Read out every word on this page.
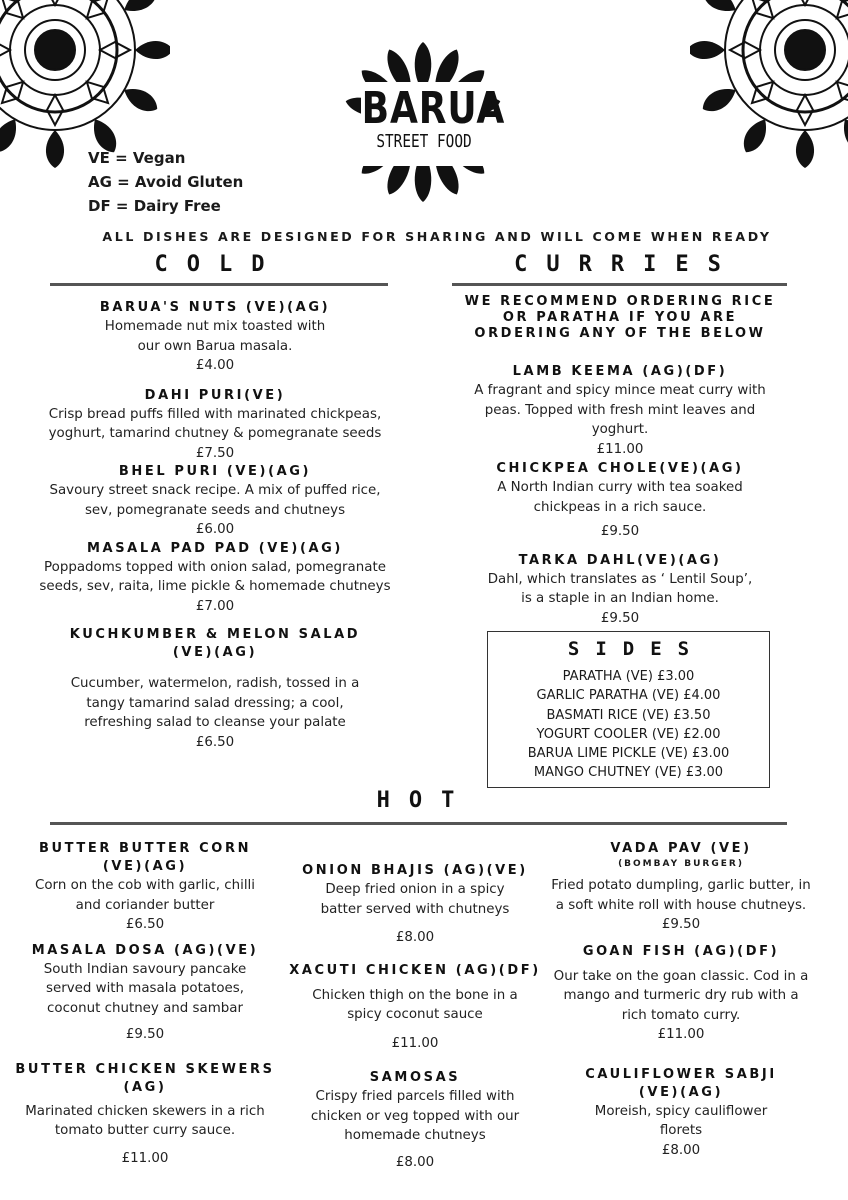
BARUA
STREET FOOD
VE = Vegan
AG = Avoid Gluten
DF = Dairy Free
ALL DISHES ARE DESIGNED FOR SHARING AND WILL COME WHEN READY
COLD
BARUA'S NUTS (VE)(AG)
Homemade nut mix toasted with
our own Barua masala.
£4.00
DAHI PURI(VE)
Crisp bread puffs filled with marinated chickpeas,
yoghurt, tamarind chutney & pomegranate seeds
£7.50
BHEL PURI (VE)(AG)
Savoury street snack recipe. A mix of puffed rice,
sev, pomegranate seeds and chutneys
£6.00
MASALA PAD PAD (VE)(AG)
Poppadoms topped with onion salad, pomegranate
seeds, sev, raita, lime pickle & homemade chutneys
£7.00
KUCHKUMBER & MELON SALAD
(VE)(AG)
Cucumber, watermelon, radish, tossed in a
tangy tamarind salad dressing; a cool,
refreshing salad to cleanse your palate
£6.50
CURRIES
WE RECOMMEND ORDERING RICE
OR PARATHA IF YOU ARE
ORDERING ANY OF THE BELOW
LAMB KEEMA (AG)(DF)
A fragrant and spicy mince meat curry with
peas. Topped with fresh mint leaves and
yoghurt.
£11.00
CHICKPEA CHOLE(VE)(AG)
A North Indian curry with tea soaked
chickpeas in a rich sauce.
£9.50
TARKA DAHL(VE)(AG)
Dahl, which translates as ‘ Lentil Soup’,
is a staple in an Indian home.
£9.50
SIDES
PARATHA (VE) £3.00
GARLIC PARATHA (VE) £4.00
BASMATI RICE (VE) £3.50
YOGURT COOLER (VE) £2.00
BARUA LIME PICKLE (VE) £3.00
MANGO CHUTNEY (VE) £3.00
HOT
BUTTER BUTTER CORN
(VE)(AG)
Corn on the cob with garlic, chilli
and coriander butter
£6.50
MASALA DOSA (AG)(VE)
South Indian savoury pancake
served with masala potatoes,
coconut chutney and sambar
£9.50
BUTTER CHICKEN SKEWERS
(AG)
Marinated chicken skewers in a rich
tomato butter curry sauce.
£11.00
ONION BHAJIS (AG)(VE)
Deep fried onion in a spicy
batter served with chutneys
£8.00
XACUTI CHICKEN (AG)(DF)
Chicken thigh on the bone in a
spicy coconut sauce
£11.00
SAMOSAS
Crispy fried parcels filled with
chicken or veg topped with our
homemade chutneys
£8.00
VADA PAV (VE)
(BOMBAY BURGER)
Fried potato dumpling, garlic butter, in
a soft white roll with house chutneys.
£9.50
GOAN FISH (AG)(DF)
Our take on the goan classic. Cod in a
mango and turmeric dry rub with a
rich tomato curry.
£11.00
CAULIFLOWER SABJI
(VE)(AG)
Moreish, spicy cauliflower
florets
£8.00
